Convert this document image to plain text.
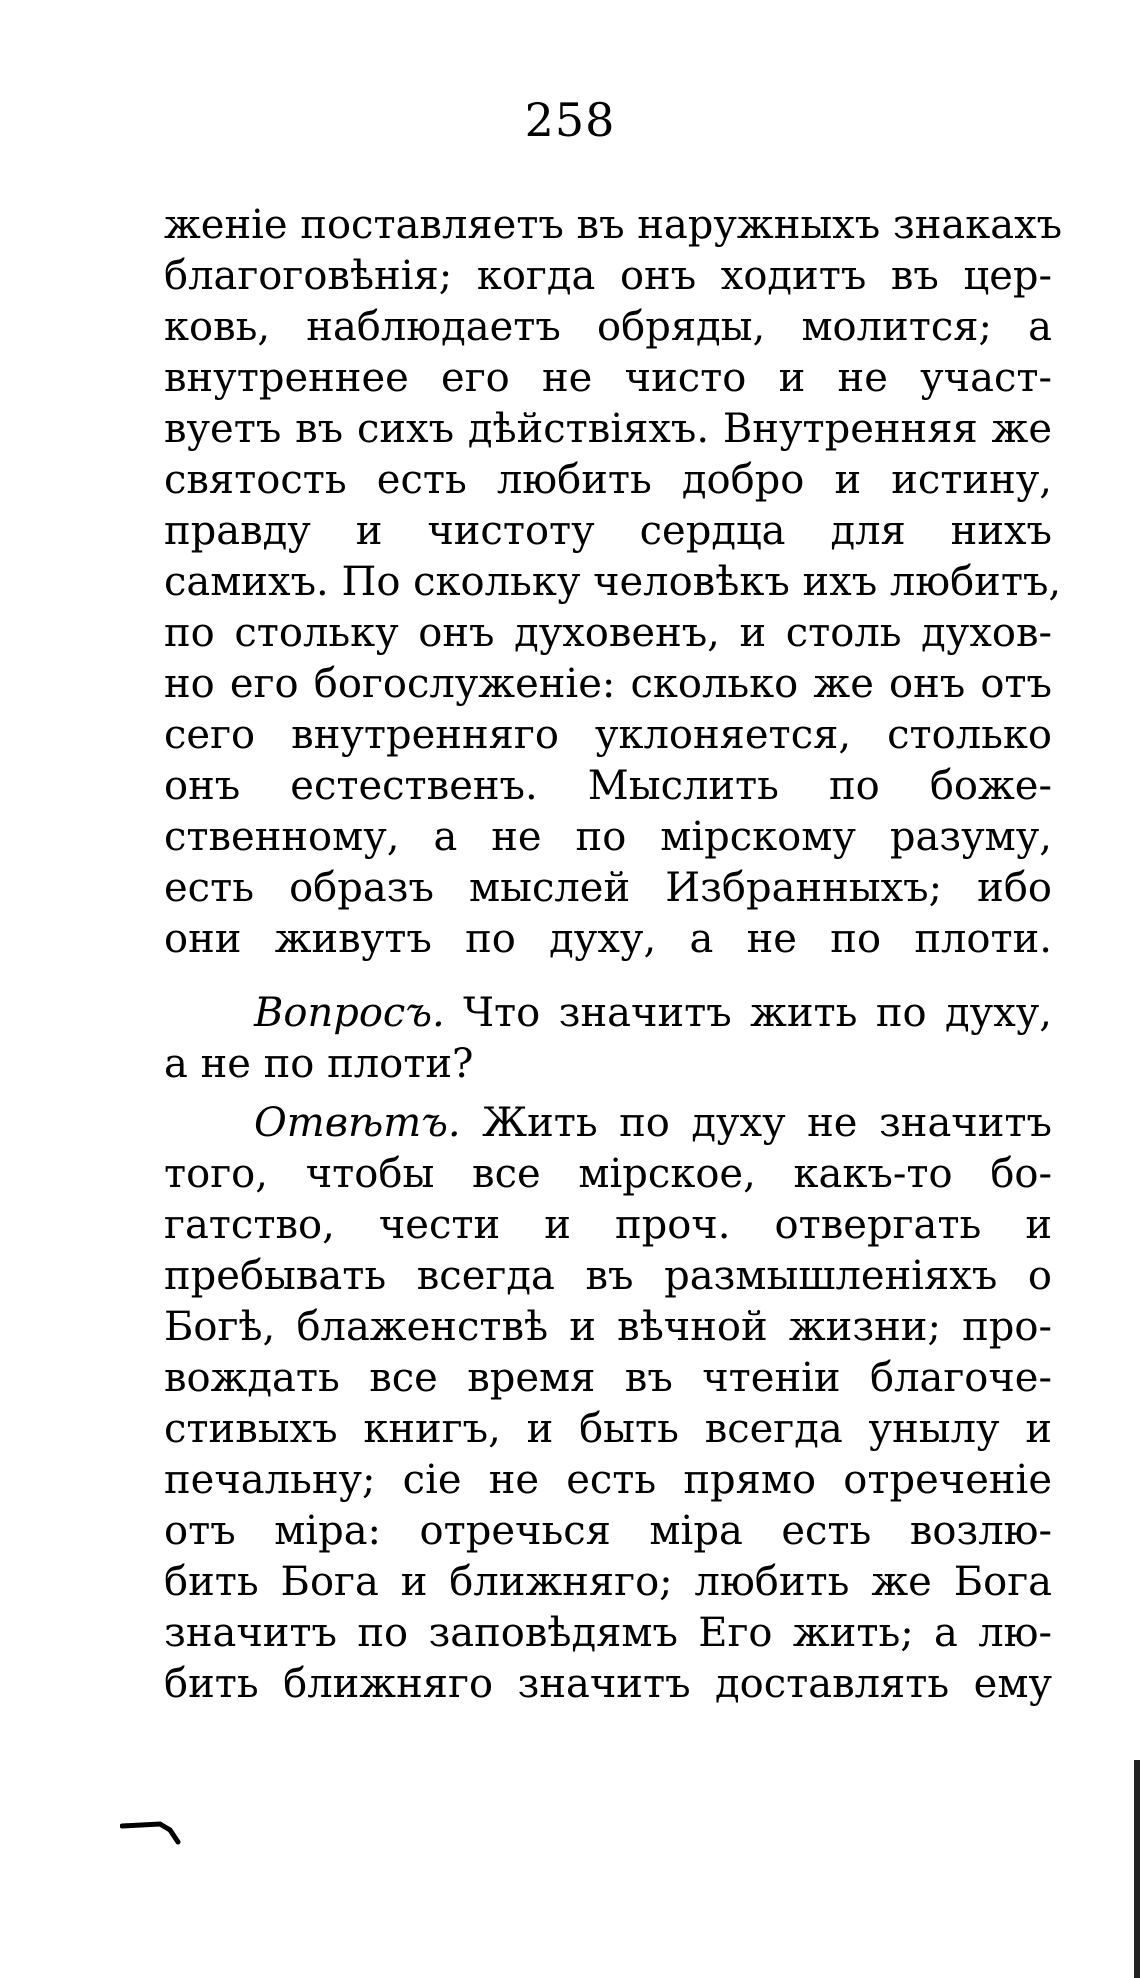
258
женіе поставляетъ въ наружныхъ знакахъ
благоговѣнія; когда онъ ходитъ въ цер-
ковь, наблюдаетъ обряды, молится; а
внутреннее его не чисто и не участ-
вуетъ въ сихъ дѣйствіяхъ. Внутренняя же
святость есть любить добро и истину,
правду и чистоту сердца для нихъ
самихъ. По скольку человѣкъ ихъ любитъ,
по стольку онъ духовенъ, и столь духов-
но его богослуженіе: сколько же онъ отъ
сего внутренняго уклоняется, столько
онъ естественъ. Мыслить по боже-
ственному, а не по мірскому разуму,
есть образъ мыслей Избранныхъ; ибо
они живутъ по духу, а не по плоти.
Вопросъ. Что значитъ жить по духу,
а не по плоти?
Отвѣтъ. Жить по духу не значитъ
того, чтобы все мірское, какъ-то бо-
гатство, чести и проч. отвергать и
пребывать всегда въ размышленіяхъ о
Богѣ, блаженствѣ и вѣчной жизни; про-
вождать все время въ чтеніи благоче-
стивыхъ книгъ, и быть всегда унылу и
печальну; сіе не есть прямо отреченіе
отъ міра: отречься міра есть возлю-
бить Бога и ближняго; любить же Бога
значитъ по заповѣдямъ Его жить; а лю-
бить ближняго значитъ доставлять ему
